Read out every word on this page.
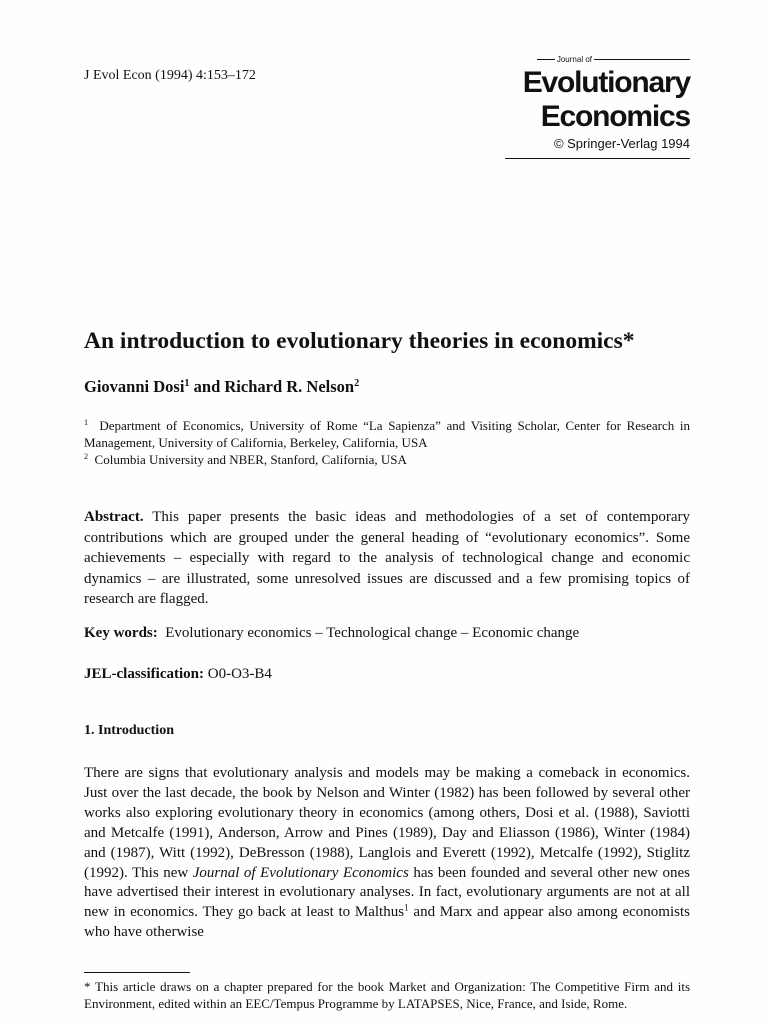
J Evol Econ (1994) 4:153–172
Journal of
Evolutionary
Economics
© Springer-Verlag 1994
An introduction to evolutionary theories in economics*
Giovanni Dosi$^1$ and Richard R. Nelson$^2$

$^1$ Department of Economics, University of Rome “La Sapienza” and Visiting Scholar, Center for Research in Management, University of California, Berkeley, California, USA

$^2$ Columbia University and NBER, Stanford, California, USA

Abstract. This paper presents the basic ideas and methodologies of a set of contemporary contributions which are grouped under the general heading of “evolutionary economics”. Some achievements – especially with regard to the analysis of technological change and economic dynamics – are illustrated, some unresolved issues are discussed and a few promising topics of research are flagged.

Key words: Evolutionary economics – Technological change – Economic change
JEL-classification: O0-O3-B4
1. Introduction

There are signs that evolutionary analysis and models may be making a comeback in economics. Just over the last decade, the book by Nelson and Winter (1982) has been followed by several other works also exploring evolutionary theory in economics (among others, Dosi et al. (1988), Saviotti and Metcalfe (1991), Anderson, Arrow and Pines (1989), Day and Eliasson (1986), Winter (1984) and (1987), Witt (1992), DeBresson (1988), Langlois and Everett (1992), Metcalfe (1992), Stiglitz (1992). This new Journal of Evolutionary Economics has been founded and several other new ones have advertised their interest in evolutionary analyses. In fact, evolutionary arguments are not at all new in economics. They go back at least to Malthus$^1$ and Marx and appear also among economists who have otherwise

* This article draws on a chapter prepared for the book Market and Organization: The Competitive Firm and its Environment, edited within an EEC/Tempus Programme by LATAPSES, Nice, France, and Iside, Rome.
